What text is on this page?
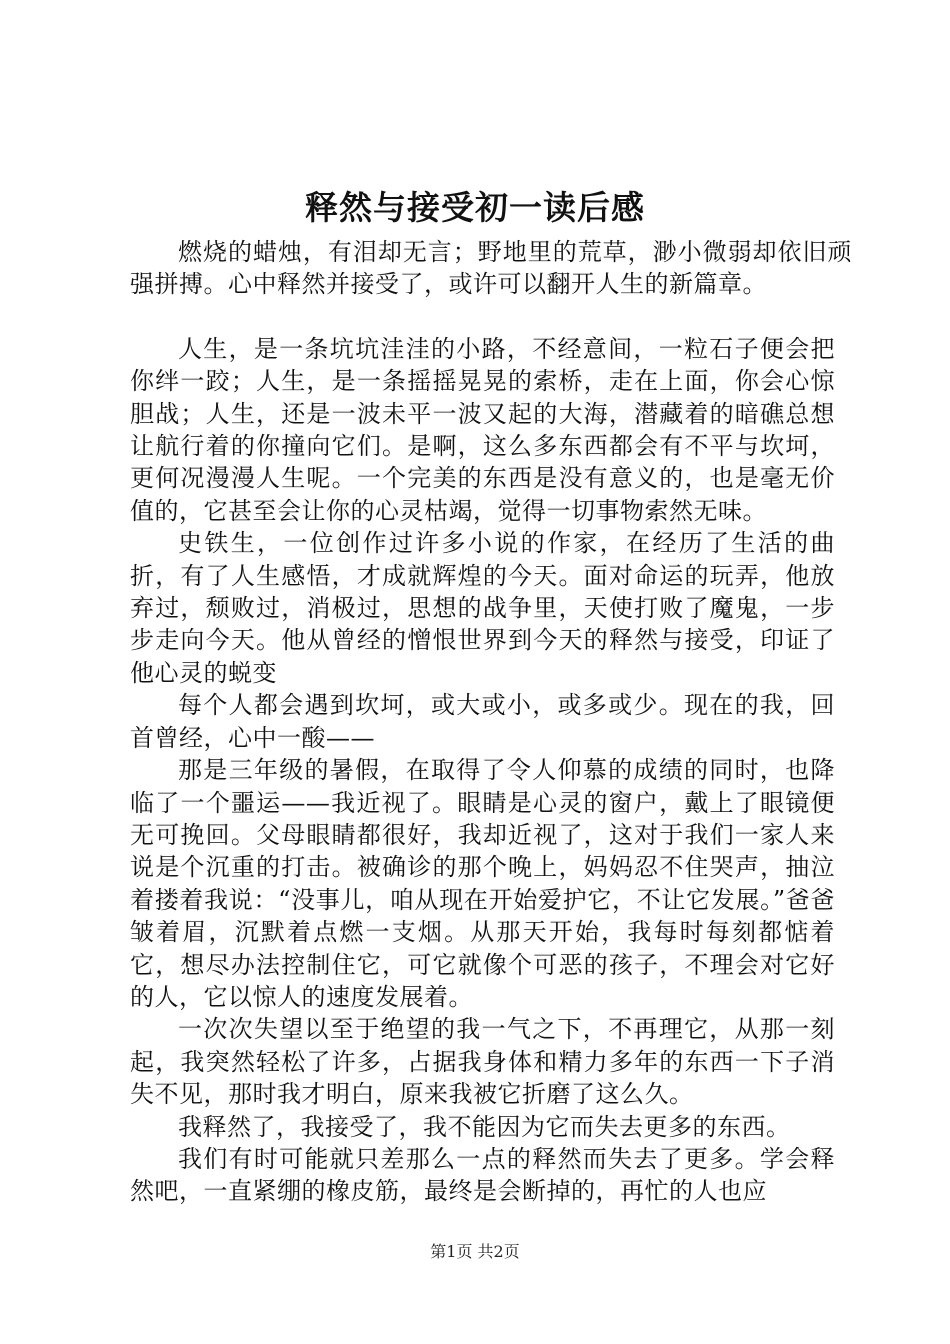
释然与接受初一读后感

燃烧的蜡烛，有泪却无言；野地里的荒草，渺小微弱却依旧顽强拼搏。心中释然并接受了，或许可以翻开人生的新篇章。

人生，是一条坑坑洼洼的小路，不经意间，一粒石子便会把你绊一跤；人生，是一条摇摇晃晃的索桥，走在上面，你会心惊胆战；人生，还是一波未平一波又起的大海，潜藏着的暗礁总想让航行着的你撞向它们。是啊，这么多东西都会有不平与坎坷，更何况漫漫人生呢。一个完美的东西是没有意义的，也是毫无价值的，它甚至会让你的心灵枯竭，觉得一切事物索然无味。

史铁生，一位创作过许多小说的作家，在经历了生活的曲折，有了人生感悟，才成就辉煌的今天。面对命运的玩弄，他放弃过，颓败过，消极过，思想的战争里，天使打败了魔鬼，一步步走向今天。他从曾经的憎恨世界到今天的释然与接受，印证了他心灵的蜕变

每个人都会遇到坎坷，或大或小，或多或少。现在的我，回首曾经，心中一酸——

那是三年级的暑假，在取得了令人仰慕的成绩的同时，也降临了一个噩运——我近视了。眼睛是心灵的窗户，戴上了眼镜便无可挽回。父母眼睛都很好，我却近视了，这对于我们一家人来说是个沉重的打击。被确诊的那个晚上，妈妈忍不住哭声，抽泣着搂着我说：“没事儿，咱从现在开始爱护它，不让它发展。”爸爸皱着眉，沉默着点燃一支烟。从那天开始，我每时每刻都惦着它，想尽办法控制住它，可它就像个可恶的孩子，不理会对它好的人，它以惊人的速度发展着。

一次次失望以至于绝望的我一气之下，不再理它，从那一刻起，我突然轻松了许多，占据我身体和精力多年的东西一下子消失不见，那时我才明白，原来我被它折磨了这么久。

我释然了，我接受了，我不能因为它而失去更多的东西。

我们有时可能就只差那么一点的释然而失去了更多。学会释然吧，一直紧绷的橡皮筋，最终是会断掉的，再忙的人也应

第1页 共2页
